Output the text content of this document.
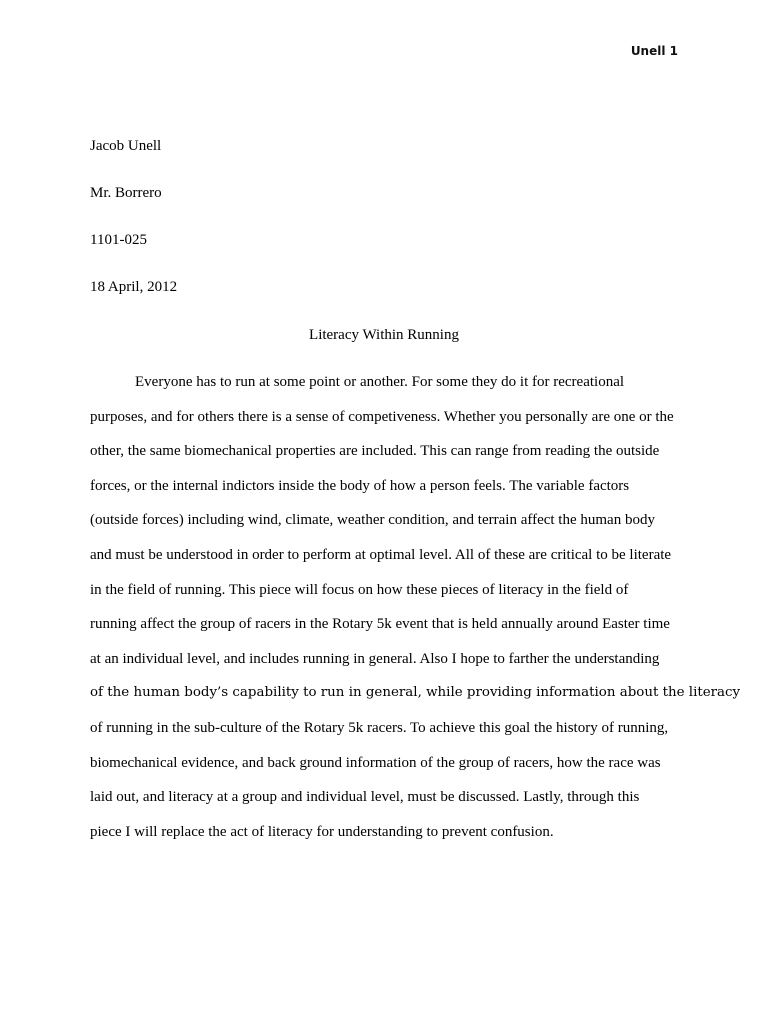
Unell 1
Jacob Unell
Mr. Borrero
1101-025
18 April, 2012
Literacy Within Running
Everyone has to run at some point or another. For some they do it for recreational
purposes, and for others there is a sense of competiveness. Whether you personally are one or the
other, the same biomechanical properties are included. This can range from reading the outside
forces, or the internal indictors inside the body of how a person feels. The variable factors
(outside forces) including wind, climate, weather condition, and terrain affect the human body
and must be understood in order to perform at optimal level. All of these are critical to be literate
in the field of running. This piece will focus on how these pieces of literacy in the field of
running affect the group of racers in the Rotary 5k event that is held annually around Easter time
at an individual level, and includes running in general. Also I hope to farther the understanding
of the human body’s capability to run in general, while providing information about the literacy
of running in the sub-culture of the Rotary 5k racers. To achieve this goal the history of running,
biomechanical evidence, and back ground information of the group of racers, how the race was
laid out, and literacy at a group and individual level, must be discussed. Lastly, through this
piece I will replace the act of literacy for understanding to prevent confusion.
